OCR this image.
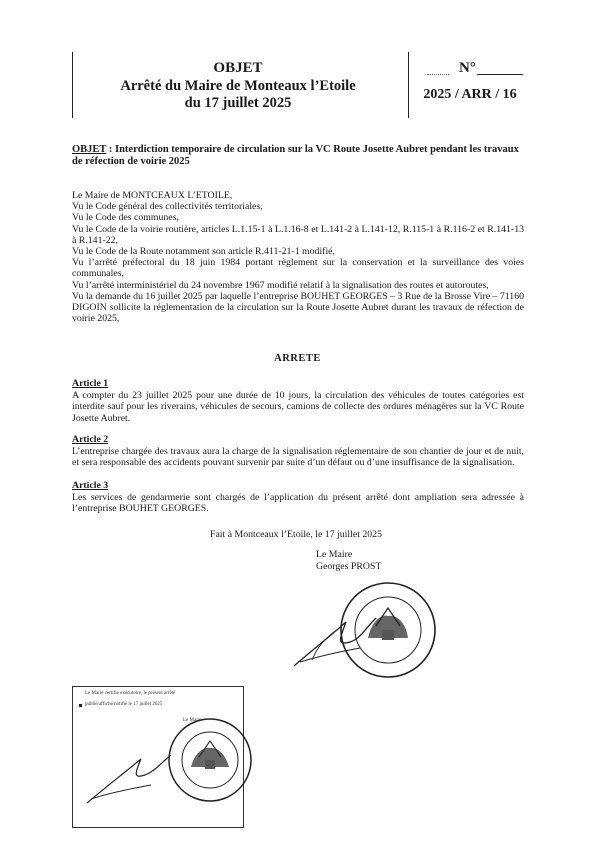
OBJET
Arrêté du Maire de Monteaux l’Etoile
du 17 juillet 2025
N°
2025 / ARR / 16
OBJET : Interdiction temporaire de circulation sur la VC Route Josette Aubret pendant les travaux de réfection de voirie 2025
Le Maire de MONTCEAUX L’ETOILE,
Vu le Code général des collectivités territoriales,
Vu le Code des communes,
Vu le Code de la voirie routière, articles L.1.15-1 à L.1.16-8 et L.141-2 à L.141-12, R.115-1 à R.116-2 et R.141-13 à R.141-22,
Vu le Code de la Route notamment son article R.411-21-1 modifié,
Vu l’arrêté préfectoral du 18 juin 1984 portant règlement sur la conservation et la surveillance des voies communales,
Vu l’arrêté interministériel du 24 novembre 1967 modifié relatif à la signalisation des routes et autoroutes,
Vu la demande du 16 juillet 2025 par laquelle l’entreprise BOUHET GEORGES – 3 Rue de la Brosse Vire – 71160 DIGOIN sollicite la réglementation de la circulation sur la Route Josette Aubret durant les travaux de réfection de voirie 2025,
ARRETE
Article 1
A compter du 23 juillet 2025 pour une durée de 10 jours, la circulation des véhicules de toutes catégories est interdite sauf pour les riverains, véhicules de secours, camions de collecte des ordures ménagères sur la VC Route Josette Aubret.
Article 2
L’entreprise chargée des travaux aura la charge de la signalisation réglementaire de son chantier de jour et de nuit, et sera responsable des accidents pouvant survenir par suite d’un défaut ou d’une insuffisance de la signalisation.
Article 3
Les services de gendarmerie sont chargés de l’application du présent arrêté dont ampliation sera adressée à l’entreprise BOUHET GEORGES.
Fait à Montceaux l’Etoile, le 17 juillet 2025
Le Maire
Georges PROST
Le Maire certifie exécutoire, le présent arrêté
publié/affiché/notifié le 17 juillet 2025
Le Maire
